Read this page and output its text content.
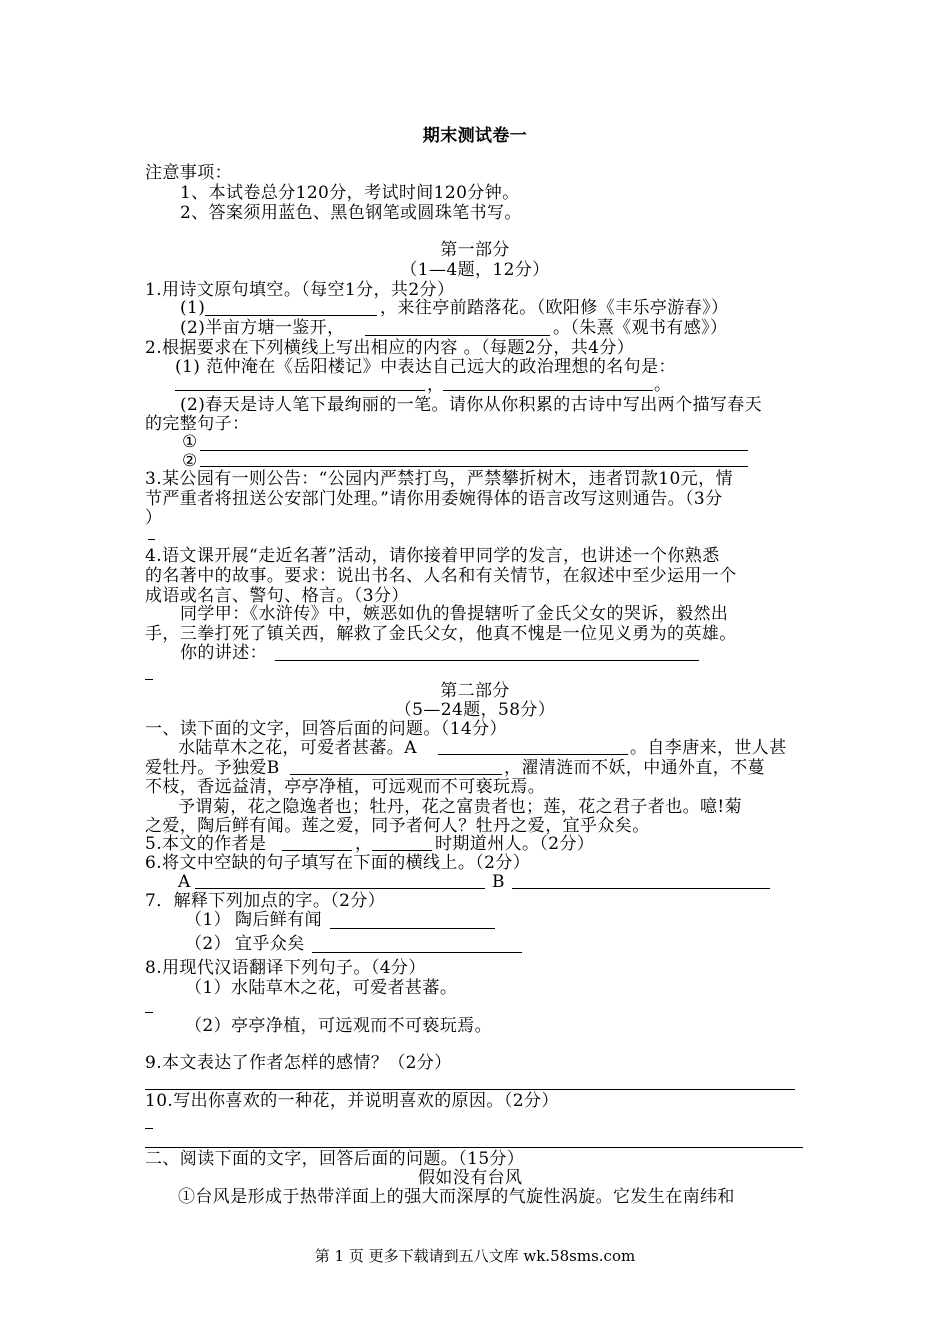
期末测试卷一
注意事项：
1、本试卷总分120分，考试时间120分钟。
2、答案须用蓝色、黑色钢笔或圆珠笔书写。
第一部分
（1—4题，12分）
1.用诗文原句填空。（每空1分，共2分）
(1)	，来往亭前踏落花。（欧阳修《丰乐亭游春》）
(2)半亩方塘一鉴开，	。（朱熹《观书有感》）
2.根据要求在下列横线上写出相应的内容 。（每题2分，共4分）
(1) 范仲淹在《岳阳楼记》中表达自己远大的政治理想的名句是：
，	。
(2)春天是诗人笔下最绚丽的一笔。请你从你积累的古诗中写出两个描写春天
的完整句子：
①
②
3.某公园有一则公告：“公园内严禁打鸟，严禁攀折树木，违者罚款10元，情
节严重者将扭送公安部门处理。”请你用委婉得体的语言改写这则通告。（3分
）
4.语文课开展“走近名著”活动，请你接着甲同学的发言，也讲述一个你熟悉
的名著中的故事。要求：说出书名、人名和有关情节，在叙述中至少运用一个
成语或名言、警句、格言。（3分）
同学甲：《水浒传》中，嫉恶如仇的鲁提辖听了金氏父女的哭诉，毅然出
手，三拳打死了镇关西，解救了金氏父女，他真不愧是一位见义勇为的英雄。
你的讲述：
第二部分
（5—24题，58分）
一、读下面的文字，回答后面的问题。（14分）
水陆草木之花，可爱者甚蕃。A	。自李唐来，世人甚
爱牡丹。予独爱B	，濯清涟而不妖，中通外直，不蔓
不枝，香远益清，亭亭净植，可远观而不可亵玩焉。
予谓菊，花之隐逸者也；牡丹，花之富贵者也；莲，花之君子者也。噫!菊
之爱，陶后鲜有闻。莲之爱，同予者何人？牡丹之爱，宜乎众矣。
5.本文的作者是	，	时期道州人。（2分）
6.将文中空缺的句子填写在下面的横线上。（2分）
A	B
7．解释下列加点的字。（2分）
（1） 陶后鲜有闻
（2） 宜乎众矣
8.用现代汉语翻译下列句子。（4分）
（1）水陆草木之花，可爱者甚蕃。
（2）亭亭净植，可远观而不可亵玩焉。
9.本文表达了作者怎样的感情？（2分）
10.写出你喜欢的一种花，并说明喜欢的原因。（2分）
二、阅读下面的文字，回答后面的问题。（15分）
假如没有台风
①台风是形成于热带洋面上的强大而深厚的气旋性涡旋。它发生在南纬和
第 1 页 更多下载请到五八文库 wk.58sms.com
